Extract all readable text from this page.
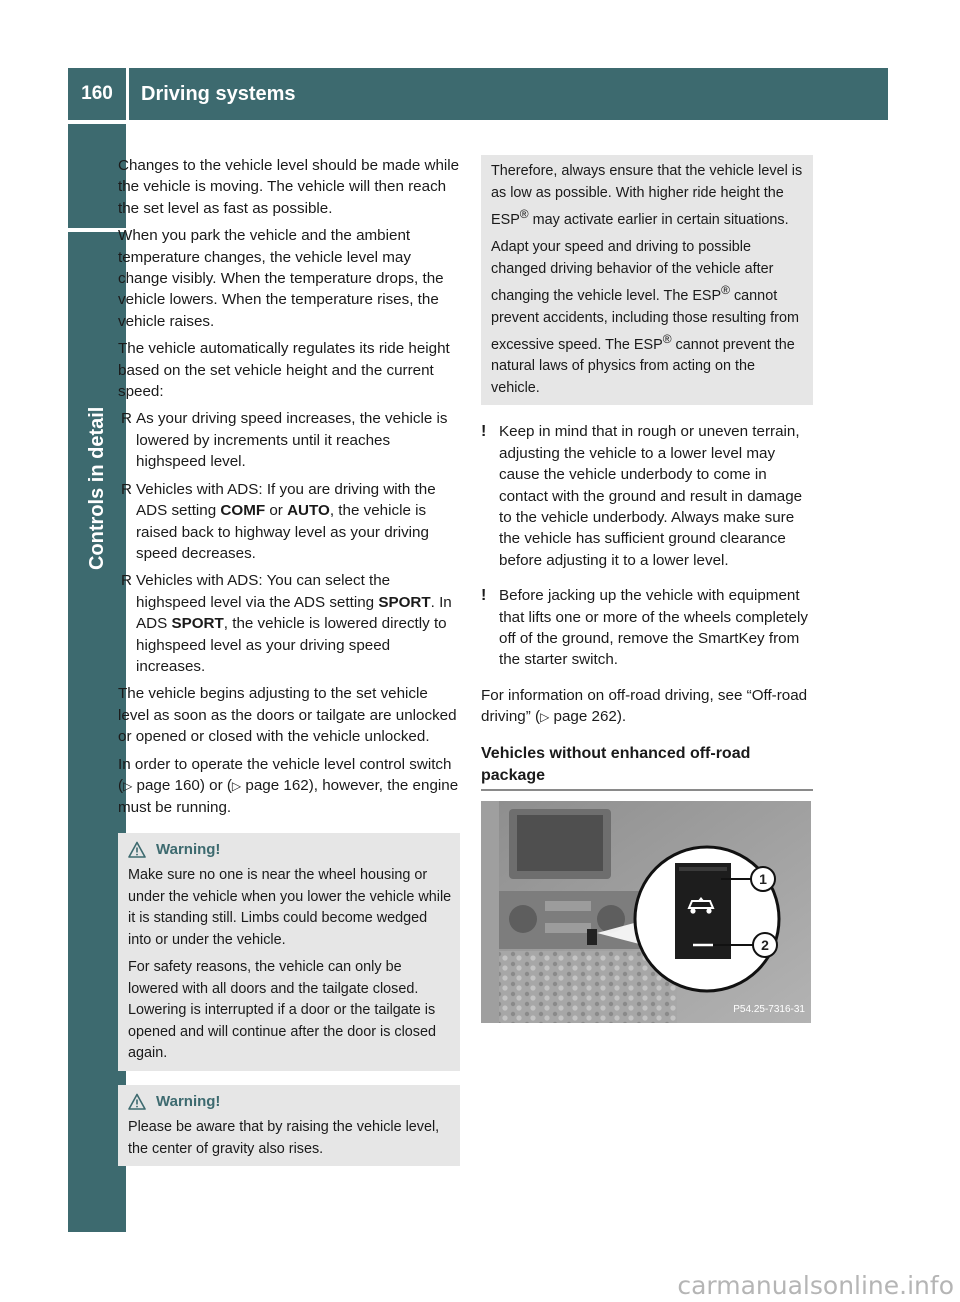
160	Driving systems
Controls in detail

Changes to the vehicle level should be made while the vehicle is moving. The vehicle will then reach the set level as fast as possible.

When you park the vehicle and the ambient temperature changes, the vehicle level may change visibly. When the temperature drops, the vehicle lowers. When the temperature rises, the vehicle raises.

The vehicle automatically regulates its ride height based on the set vehicle height and the current speed:

R As your driving speed increases, the vehicle is lowered by increments until it reaches highspeed level.
R Vehicles with ADS: If you are driving with the ADS setting COMF or AUTO, the vehicle is raised back to highway level as your driving speed decreases.
R Vehicles with ADS: You can select the highspeed level via the ADS setting SPORT. In ADS SPORT, the vehicle is lowered directly to highspeed level as your driving speed increases.

The vehicle begins adjusting to the set vehicle level as soon as the doors or tailgate are unlocked or opened or closed with the vehicle unlocked.

In order to operate the vehicle level control switch (▷ page 160) or (▷ page 162), however, the engine must be running.

Warning!

Make sure no one is near the wheel housing or under the vehicle when you lower the vehicle while it is standing still. Limbs could become wedged into or under the vehicle.

For safety reasons, the vehicle can only be lowered with all doors and the tailgate closed. Lowering is interrupted if a door or the tailgate is opened and will continue after the door is closed again.

Warning!

Please be aware that by raising the vehicle level, the center of gravity also rises.

Therefore, always ensure that the vehicle level is as low as possible. With higher ride height the ESP® may activate earlier in certain situations.

Adapt your speed and driving to possible changed driving behavior of the vehicle after changing the vehicle level. The ESP® cannot prevent accidents, including those resulting from excessive speed. The ESP® cannot prevent the natural laws of physics from acting on the vehicle.

! Keep in mind that in rough or uneven terrain, adjusting the vehicle to a lower level may cause the vehicle underbody to come in contact with the ground and result in damage to the vehicle underbody. Always make sure the vehicle has sufficient ground clearance before adjusting it to a lower level.
! Before jacking up the vehicle with equipment that lifts one or more of the wheels completely off of the ground, remove the SmartKey from the starter switch.

For information on off-road driving, see “Off-road driving” (▷ page 262).

Vehicles without enhanced off-road package
1
2
P54.25-7316-31
carmanualsonline.info
